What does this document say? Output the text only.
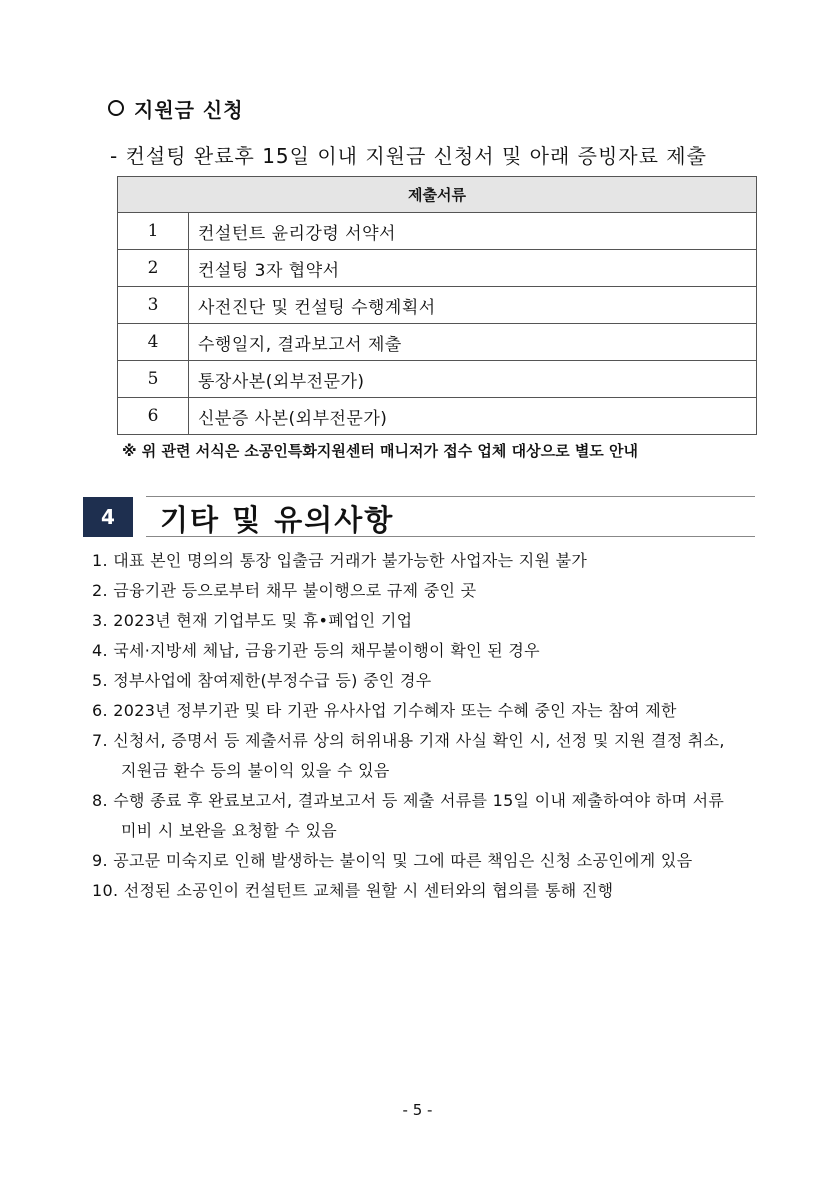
지원금 신청
- 컨설팅 완료후 15일 이내 지원금 신청서 및 아래 증빙자료 제출
제출서류	
1	컨설턴트 윤리강령 서약서
2	컨설팅 3자 협약서
3	사전진단 및 컨설팅 수행계획서
4	수행일지, 결과보고서 제출
5	통장사본(외부전문가)
6	신분증 사본(외부전문가)
※ 위 관련 서식은 소공인특화지원센터 매니저가 접수 업체 대상으로 별도 안내
4	기타 및 유의사항
1. 대표 본인 명의의 통장 입출금 거래가 불가능한 사업자는 지원 불가
2. 금융기관 등으로부터 채무 불이행으로 규제 중인 곳
3. 2023년 현재 기업부도 및 휴•폐업인 기업
4. 국세·지방세 체납, 금융기관 등의 채무불이행이 확인 된 경우
5. 정부사업에 참여제한(부정수급 등) 중인 경우
6. 2023년 정부기관 및 타 기관 유사사업 기수혜자 또는 수혜 중인 자는 참여 제한
7. 신청서, 증명서 등 제출서류 상의 허위내용 기재 사실 확인 시, 선정 및 지원 결정 취소,
지원금 환수 등의 불이익 있을 수 있음
8. 수행 종료 후 완료보고서, 결과보고서 등 제출 서류를 15일 이내 제출하여야 하며 서류
미비 시 보완을 요청할 수 있음
9. 공고문 미숙지로 인해 발생하는 불이익 및 그에 따른 책임은 신청 소공인에게 있음
10. 선정된 소공인이 컨설턴트 교체를 원할 시 센터와의 협의를 통해 진행
- 5 -
